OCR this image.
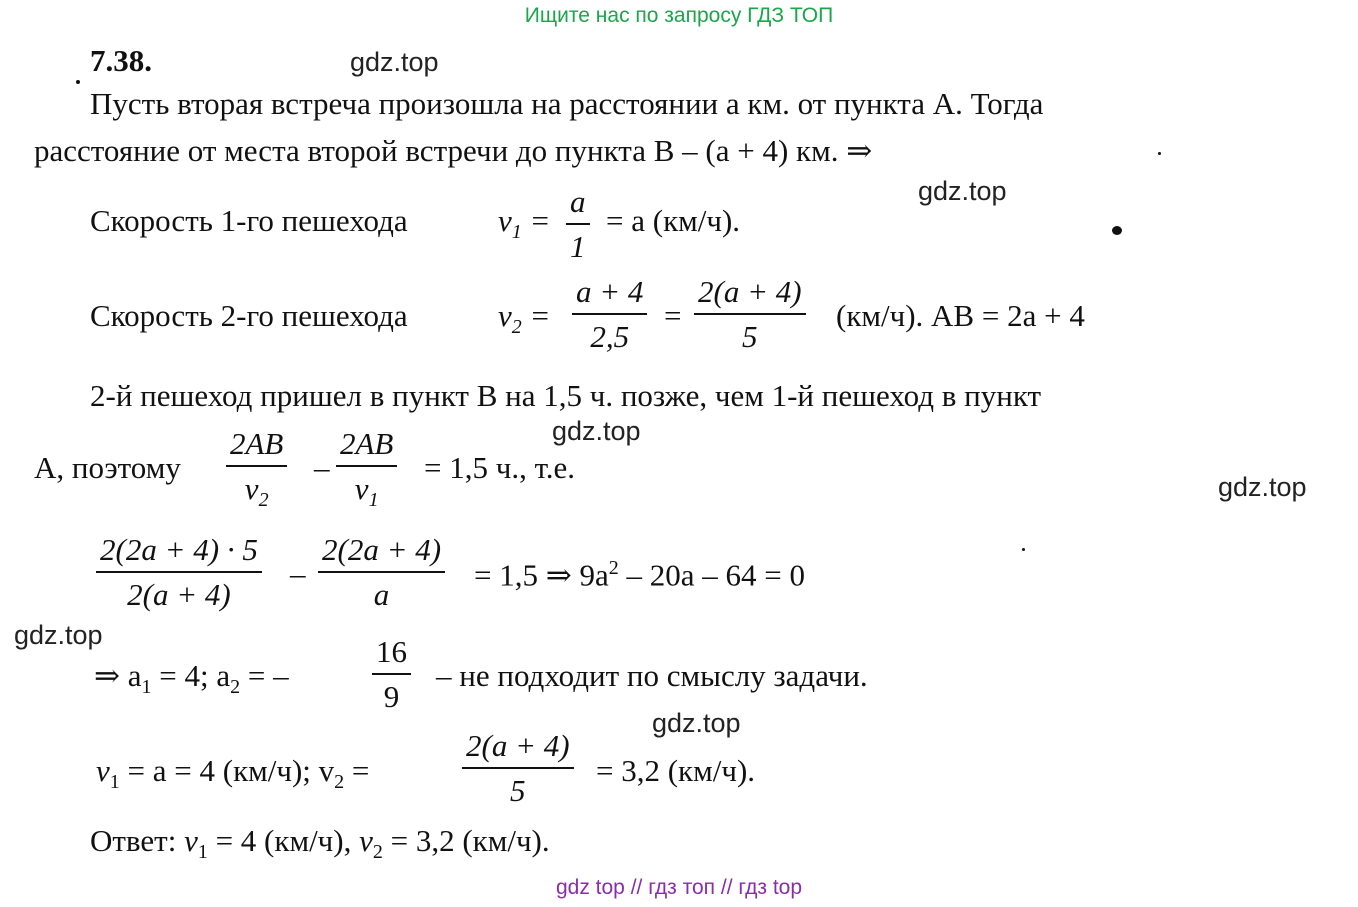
Ищите нас по запросу ГДЗ ТОП
7.38.	gdz.top
gdz.top
gdz.top
gdz.top
gdz.top
gdz.top
Пусть вторая встреча произошла на расстоянии a км. от пункта А. Тогда
расстояние от места второй встречи до пункта В – (a + 4) км. ⇒
Скорость 1-го пешехода	$v_1 = \frac{a}{1} = a$ (км/ч).
Скорость 2-го пешехода	$v_2 = \frac{a + 4}{2,5} = \frac{2(a + 4)}{5} (км/ч)$. АВ = 2a + 4
2-й пешеход пришел в пункт В на 1,5 ч. позже, чем 1-й пешеход в пункт
А, поэтому $\frac{2AB}{v_2} - \frac{2AB}{v_1} = 1,5$ ч., т.е.
$\frac{2(2a + 4) \cdot 5}{2(a + 4)} - \frac{2(2a + 4)}{a} = 1,5$ ⇒ $9a^2 - 20a - 64 = 0$
⇒ $a_1 = 4$; $a_2$ = –	$\frac{16}{9}$ – не подходит по смыслу задачи.
$v_1 = a = 4$ (км/ч); $v_2$ =	$\frac{2(a + 4)}{5} = 3,2$ (км/ч).
Ответ: $v_1 = 4$ (км/ч), $v_2 = 3,2$ (км/ч).
gdz top // гдз топ // гдз top
